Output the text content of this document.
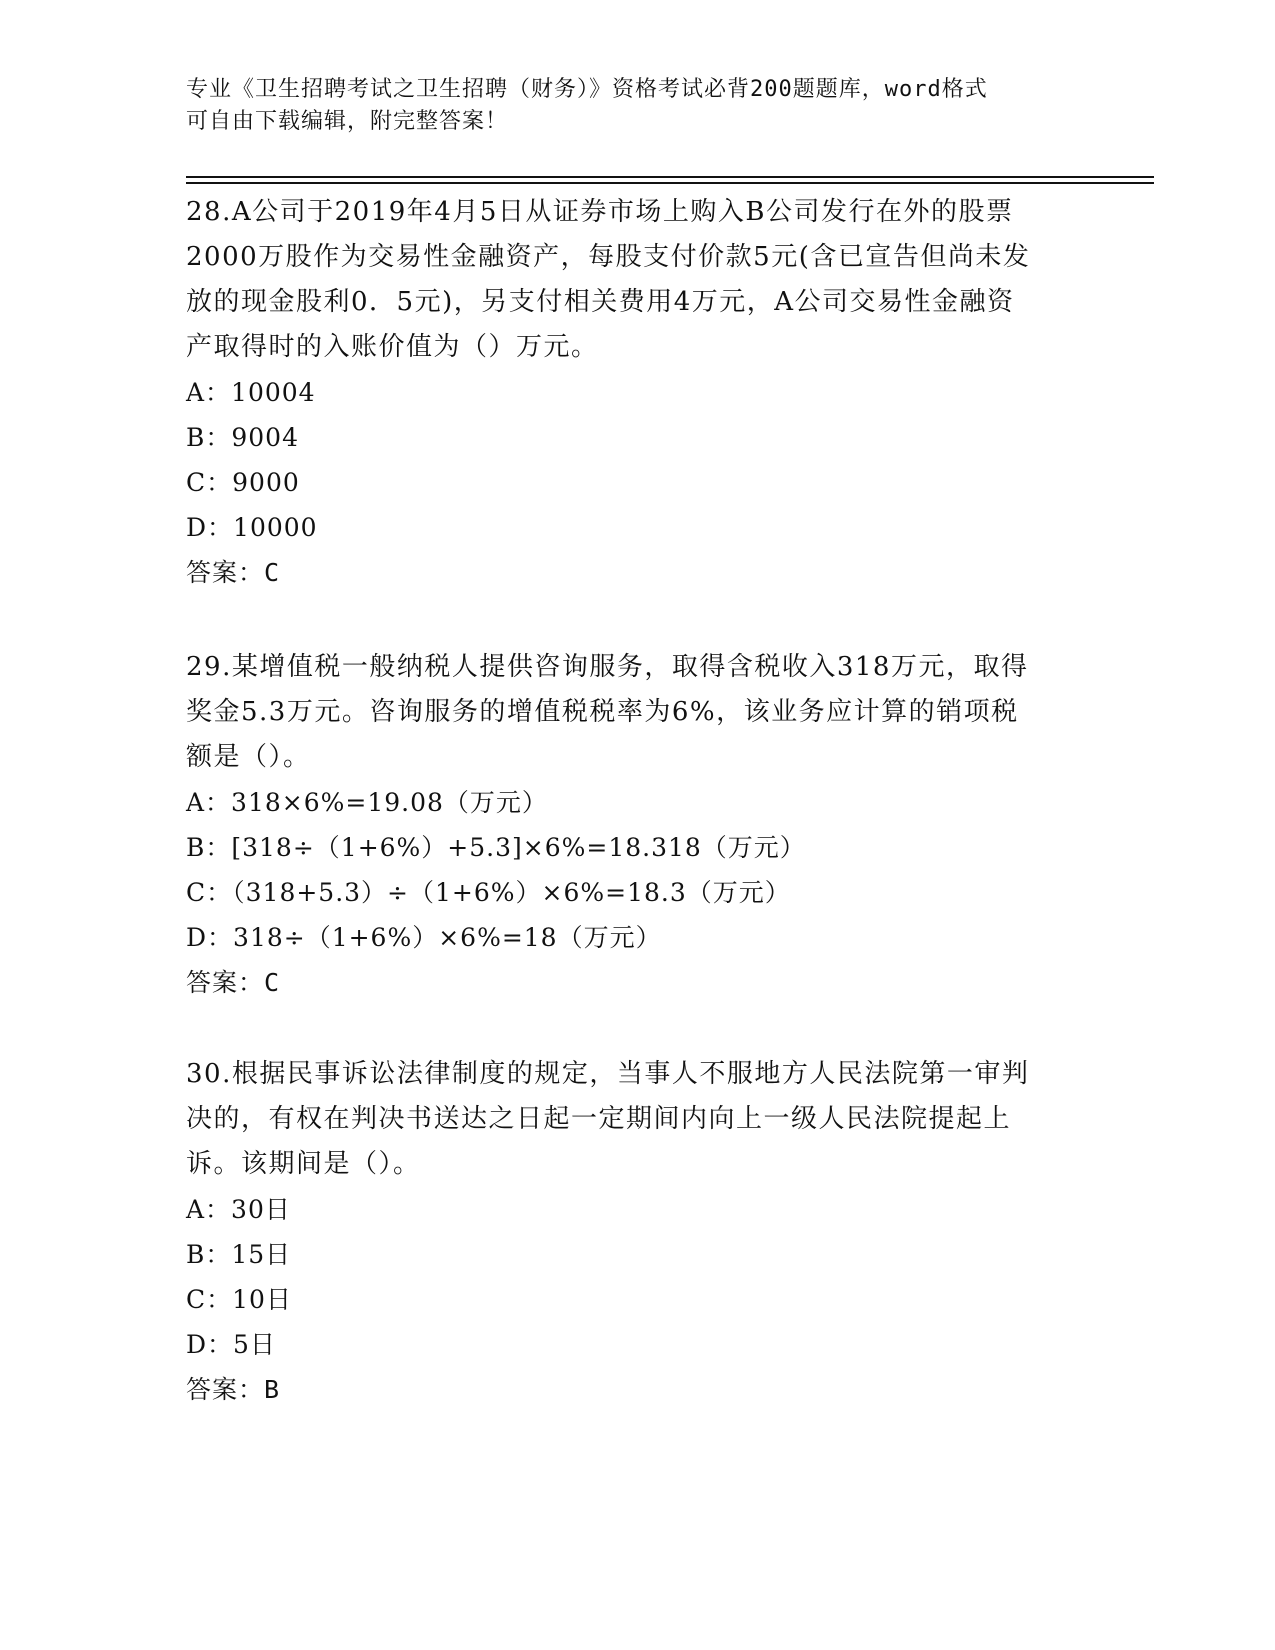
专业《卫生招聘考试之卫生招聘（财务）》资格考试必背200题题库，word格式
可自由下载编辑，附完整答案！
28.A公司于2019年4月5日从证券市场上购入B公司发行在外的股票
2000万股作为交易性金融资产，每股支付价款5元(含已宣告但尚未发
放的现金股利0．5元)，另支付相关费用4万元，A公司交易性金融资
产取得时的入账价值为（）万元。
A：10004
B：9004
C：9000
D：10000
答案：C
29.某增值税一般纳税人提供咨询服务，取得含税收入318万元，取得
奖金5.3万元。咨询服务的增值税税率为6%，该业务应计算的销项税
额是（）。
A：318×6%=19.08（万元）
B：[318÷（1+6%）+5.3]×6%=18.318（万元）
C：（318+5.3）÷（1+6%）×6%=18.3（万元）
D：318÷（1+6%）×6%=18（万元）
答案：C
30.根据民事诉讼法律制度的规定，当事人不服地方人民法院第一审判
决的，有权在判决书送达之日起一定期间内向上一级人民法院提起上
诉。该期间是（）。
A：30日
B：15日
C：10日
D：5日
答案：B
